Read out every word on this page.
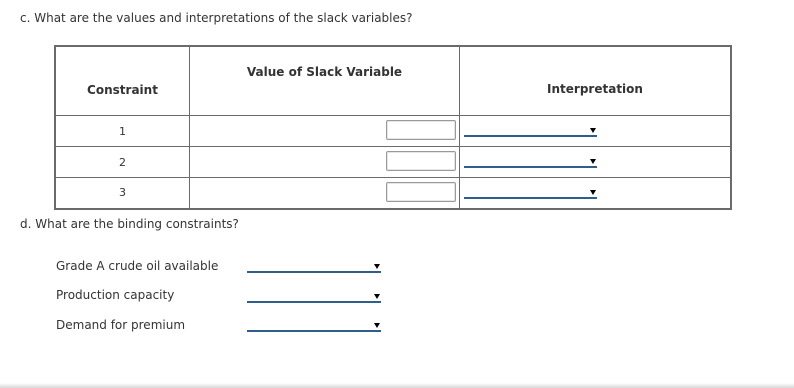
c. What are the values and interpretations of the slack variables?
Constraint	Value of Slack Variable	Interpretation
1	

2	

3	

d. What are the binding constraints?
Grade A crude oil available
Production capacity
Demand for premium
